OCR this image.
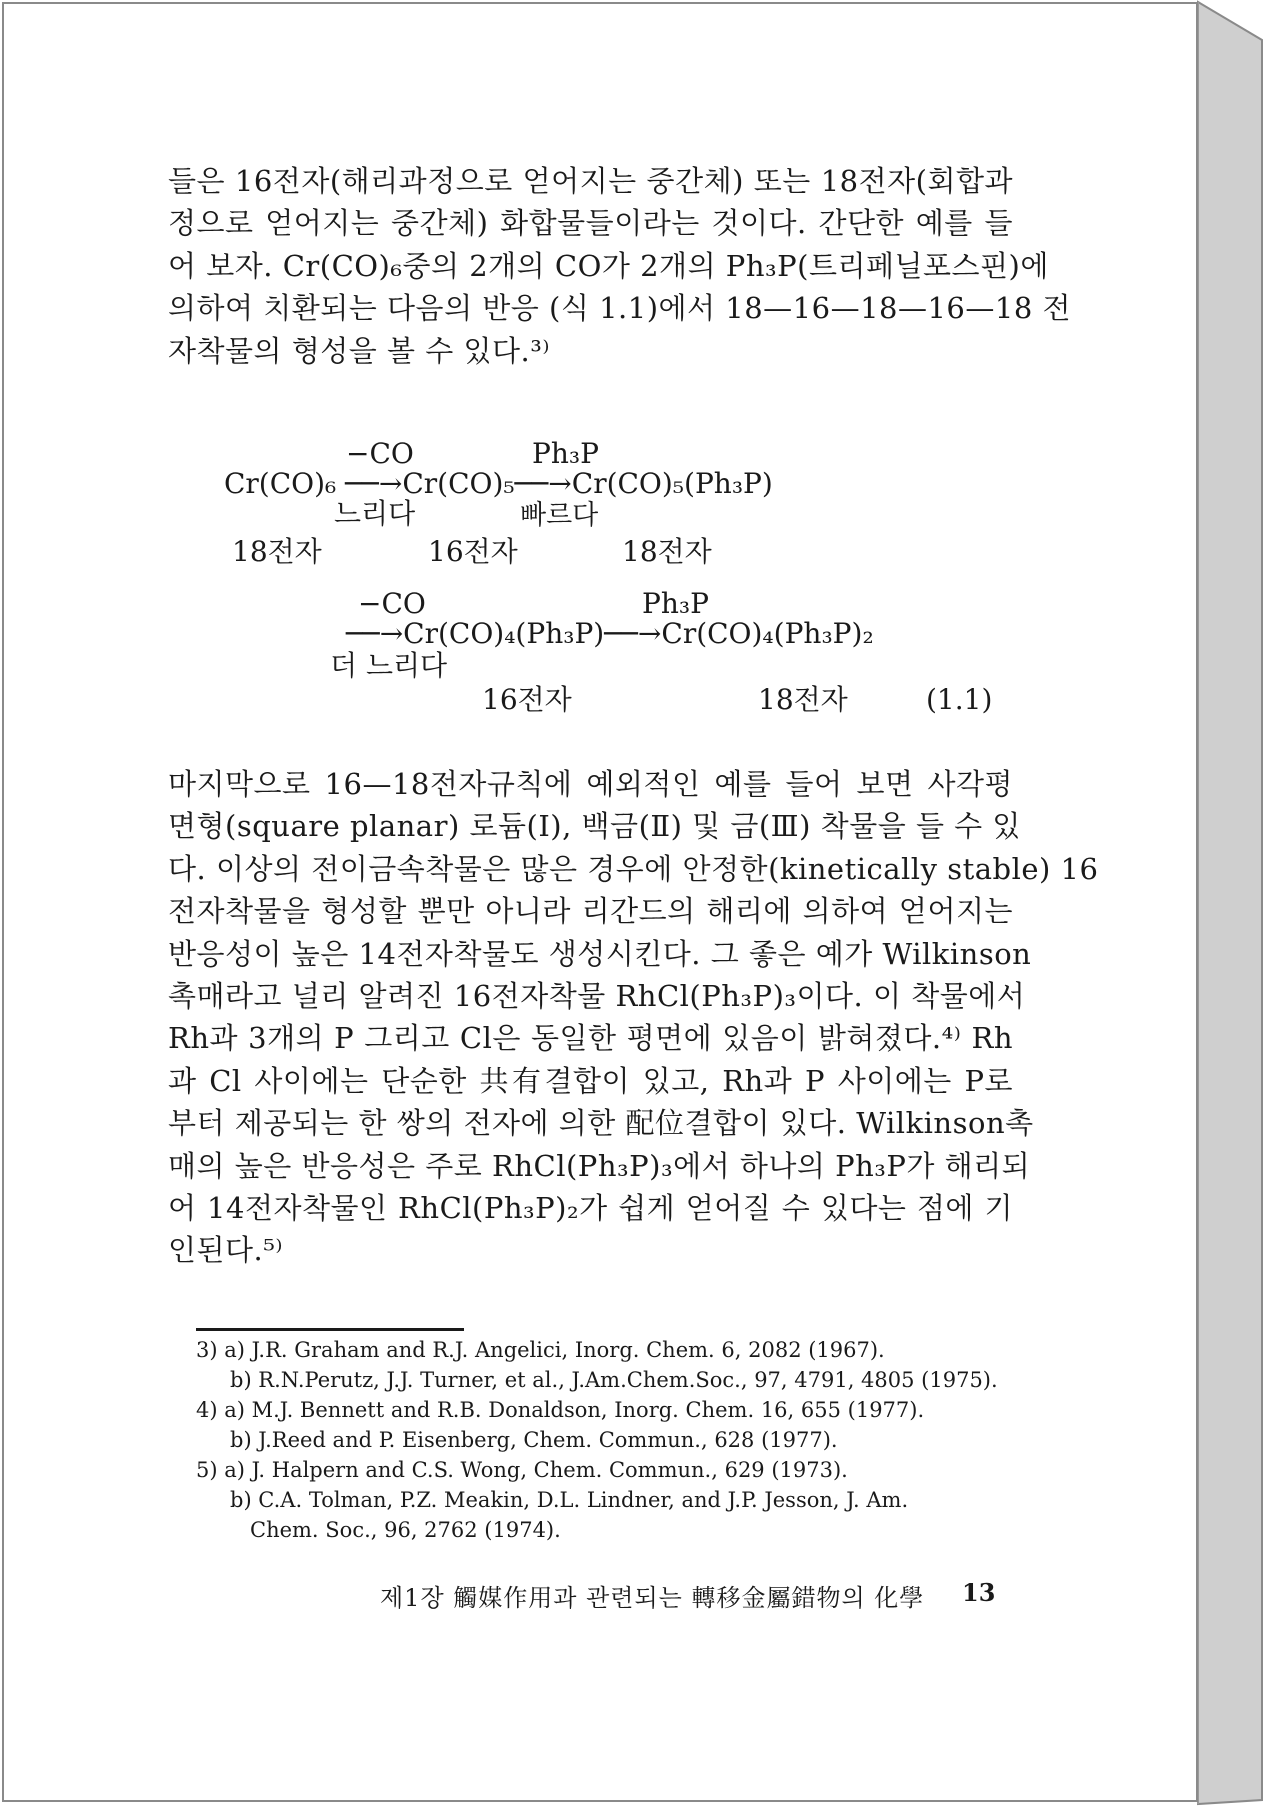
들은 16전자(해리과정으로 얻어지는 중간체) 또는 18전자(회합과
정으로 얻어지는 중간체) 화합물들이라는 것이다. 간단한 예를 들
어 보자. Cr(CO)₆중의 2개의 CO가 2개의 Ph₃P(트리페닐포스핀)에
의하여 치환되는 다음의 반응 (식 1.1)에서 18—16—18—16—18 전
자착물의 형성을 볼 수 있다.³⁾
−CO	Ph₃P
Cr(CO)₆ ──→Cr(CO)₅──→Cr(CO)₅(Ph₃P)
느리다	빠르다
18전자	16전자	18전자
−CO	Ph₃P
──→Cr(CO)₄(Ph₃P)──→Cr(CO)₄(Ph₃P)₂
더 느리다
16전자	18전자	(1.1)
마지막으로 16—18전자규칙에 예외적인 예를 들어 보면 사각평
면형(square planar) 로듐(Ⅰ), 백금(Ⅱ) 및 금(Ⅲ) 착물을 들 수 있
다. 이상의 전이금속착물은 많은 경우에 안정한(kinetically stable) 16
전자착물을 형성할 뿐만 아니라 리간드의 해리에 의하여 얻어지는
반응성이 높은 14전자착물도 생성시킨다. 그 좋은 예가 Wilkinson
촉매라고 널리 알려진 16전자착물 RhCl(Ph₃P)₃이다. 이 착물에서
Rh과 3개의 P 그리고 Cl은 동일한 평면에 있음이 밝혀졌다.⁴⁾ Rh
과 Cl 사이에는 단순한 共有결합이 있고, Rh과 P 사이에는 P로
부터 제공되는 한 쌍의 전자에 의한 配位결합이 있다. Wilkinson촉
매의 높은 반응성은 주로 RhCl(Ph₃P)₃에서 하나의 Ph₃P가 해리되
어 14전자착물인 RhCl(Ph₃P)₂가 쉽게 얻어질 수 있다는 점에 기
인된다.⁵⁾
3) a) J.R. Graham and R.J. Angelici, Inorg. Chem. 6, 2082 (1967).
b) R.N.Perutz, J.J. Turner, et al., J.Am.Chem.Soc., 97, 4791, 4805 (1975).
4) a) M.J. Bennett and R.B. Donaldson, Inorg. Chem. 16, 655 (1977).
b) J.Reed and P. Eisenberg, Chem. Commun., 628 (1977).
5) a) J. Halpern and C.S. Wong, Chem. Commun., 629 (1973).
b) C.A. Tolman, P.Z. Meakin, D.L. Lindner, and J.P. Jesson, J. Am.
Chem. Soc., 96, 2762 (1974).
제1장 觸媒作用과 관련되는 轉移金屬錯物의 化學 13
